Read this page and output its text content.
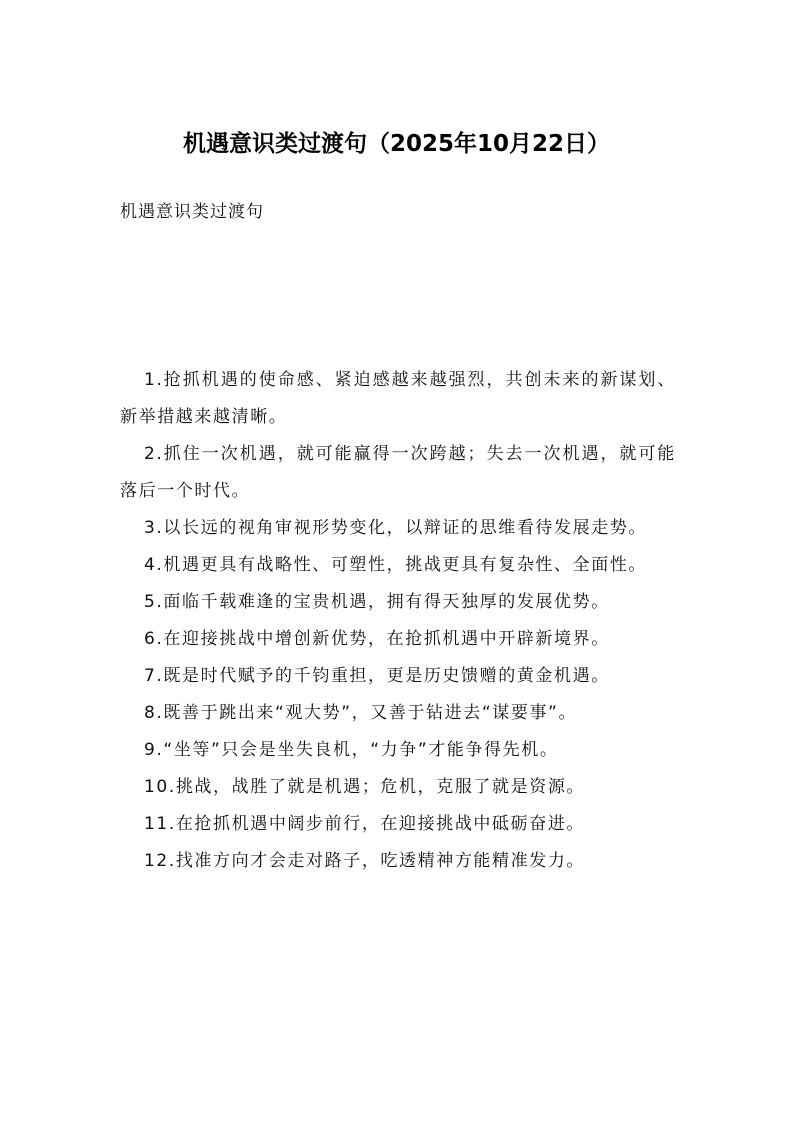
机遇意识类过渡句（2025年10月22日）
机遇意识类过渡句
1.抢抓机遇的使命感、紧迫感越来越强烈，共创未来的新谋划、新举措越来越清晰。
2.抓住一次机遇，就可能赢得一次跨越；失去一次机遇，就可能落后一个时代。
3.以长远的视角审视形势变化，以辩证的思维看待发展走势。
4.机遇更具有战略性、可塑性，挑战更具有复杂性、全面性。
5.面临千载难逢的宝贵机遇，拥有得天独厚的发展优势。
6.在迎接挑战中增创新优势，在抢抓机遇中开辟新境界。
7.既是时代赋予的千钧重担，更是历史馈赠的黄金机遇。
8.既善于跳出来“观大势”，又善于钻进去“谋要事”。
9.“坐等”只会是坐失良机，“力争”才能争得先机。
10.挑战，战胜了就是机遇；危机，克服了就是资源。
11.在抢抓机遇中阔步前行，在迎接挑战中砥砺奋进。
12.找准方向才会走对路子，吃透精神方能精准发力。
